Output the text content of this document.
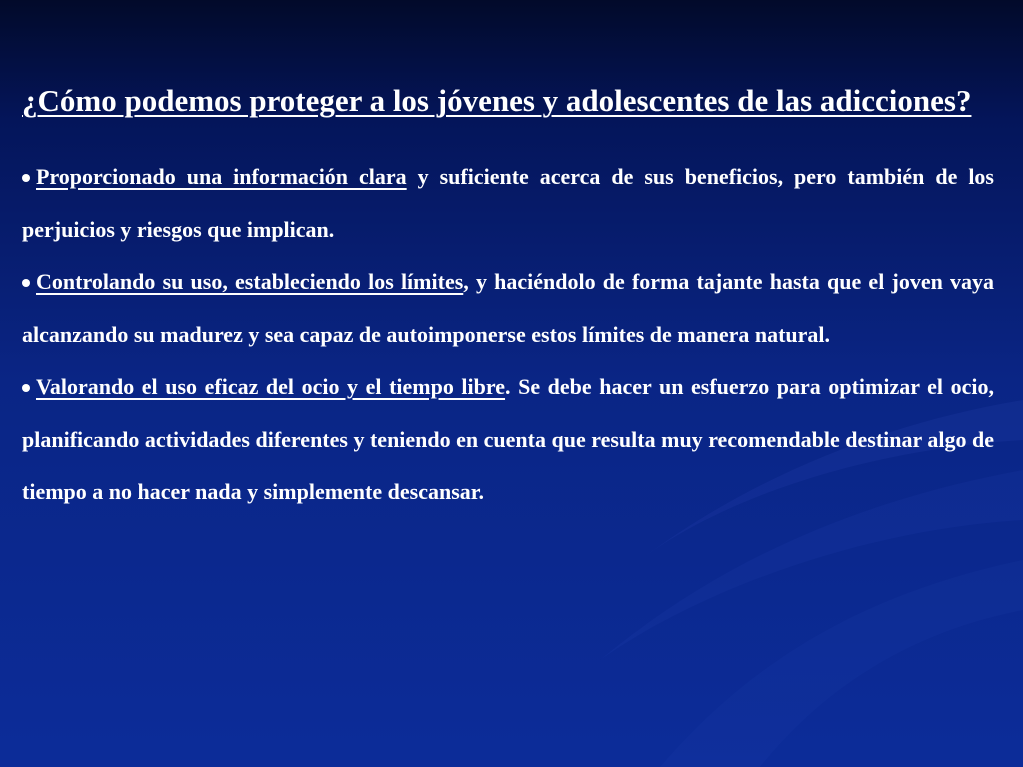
¿Cómo podemos proteger a los jóvenes y adolescentes de las adicciones?

Proporcionado una información clara y suficiente acerca de sus beneficios, pero también de los perjuicios y riesgos que implican.

Controlando su uso, estableciendo los límites, y haciéndolo de forma tajante hasta que el joven vaya alcanzando su madurez y sea capaz de autoimponerse estos límites de manera natural.

Valorando el uso eficaz del ocio y el tiempo libre. Se debe hacer un esfuerzo para optimizar el ocio, planificando actividades diferentes y teniendo en cuenta que resulta muy recomendable destinar algo de tiempo a no hacer nada y simplemente descansar.
